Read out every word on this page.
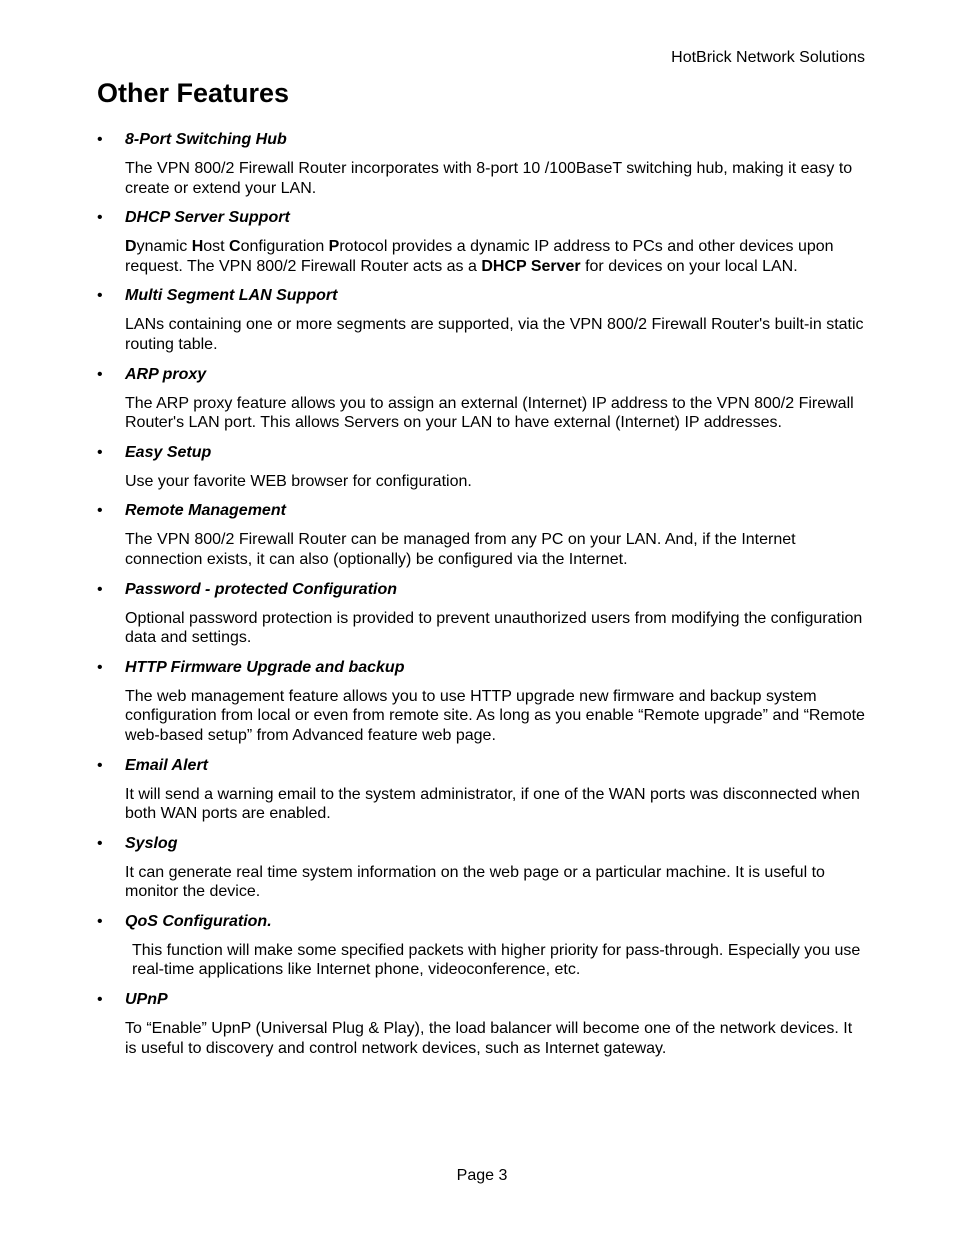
HotBrick Network Solutions
Other Features
• 8-Port Switching Hub
The VPN 800/2 Firewall Router incorporates with 8-port 10 /100BaseT switching hub, making it easy to create or extend your LAN.
• DHCP Server Support
Dynamic Host Configuration Protocol provides a dynamic IP address to PCs and other devices upon request. The VPN 800/2 Firewall Router acts as a DHCP Server for devices on your local LAN.
• Multi Segment LAN Support
LANs containing one or more segments are supported, via the VPN 800/2 Firewall Router's built-in static routing table.
• ARP proxy
The ARP proxy feature allows you to assign an external (Internet) IP address to the VPN 800/2 Firewall Router's LAN port. This allows Servers on your LAN to have external (Internet) IP addresses.
• Easy Setup
Use your favorite WEB browser for configuration.
• Remote Management
The VPN 800/2 Firewall Router can be managed from any PC on your LAN. And, if the Internet connection exists, it can also (optionally) be configured via the Internet.
• Password - protected Configuration
Optional password protection is provided to prevent unauthorized users from modifying the configuration data and settings.
• HTTP Firmware Upgrade and backup
The web management feature allows you to use HTTP upgrade new firmware and backup system configuration from local or even from remote site. As long as you enable “Remote upgrade” and “Remote web-based setup” from Advanced feature web page.
• Email Alert
It will send a warning email to the system administrator, if one of the WAN ports was disconnected when both WAN ports are enabled.
• Syslog
It can generate real time system information on the web page or a particular machine. It is useful to monitor the device.
• QoS Configuration.
This function will make some specified packets with higher priority for pass-through. Especially you use real-time applications like Internet phone, videoconference, etc.
• UPnP
To “Enable” UpnP (Universal Plug & Play), the load balancer will become one of the network devices. It is useful to discovery and control network devices, such as Internet gateway.
Page 3
